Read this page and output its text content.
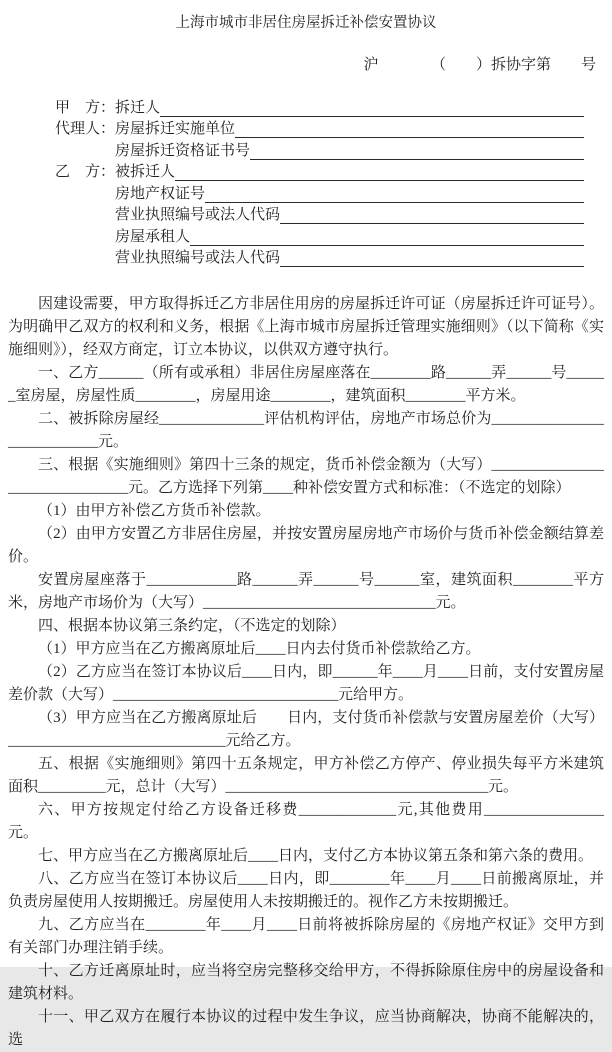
上海市城市非居住房屋拆迁补偿安置协议
沪　　　　（　　）拆协字第　　号
甲　方： 拆迁人
代理人： 房屋拆迁实施单位
房屋拆迁资格证书号
乙　方： 被拆迁人
房地产权证号
营业执照编号或法人代码
房屋承租人
营业执照编号或法人代码

因建设需要，甲方取得拆迁乙方非居住用房的房屋拆迁许可证（房屋拆迁许可证号）。为明确甲乙双方的权利和义务，根据《上海市城市房屋拆迁管理实施细则》（以下简称《实施细则》），经双方商定，订立本协议，以供双方遵守执行。

一、乙方______（所有或承租）非居住房屋座落在________路______弄______号______室房屋，房屋性质________，房屋用途________，建筑面积________平方米。

二、被拆除房屋经______________评估机构评估，房地产市场总价为___________________________元。

三、根据《实施细则》第四十三条的规定，货币补偿金额为（大写）_______________________________元。乙方选择下列第____种补偿安置方式和标准：（不选定的划除）

（1）由甲方补偿乙方货币补偿款。

（2）由甲方安置乙方非居住房屋，并按安置房屋房地产市场价与货币补偿金额结算差价。

安置房屋座落于____________路______弄______号______室，建筑面积________平方米，房地产市场价为（大写）_______________________________元。

四、根据本协议第三条约定，（不选定的划除）

（1）甲方应当在乙方搬离原址后____日内去付货币补偿款给乙方。

（2）乙方应当在签订本协议后____日内，即______年____月____日前，支付安置房屋差价款（大写）______________________________元给甲方。

（3）甲方应当在乙方搬离原址后　　日内，支付货币补偿款与安置房屋差价（大写）_____________________________元给乙方。

五、根据《实施细则》第四十五条规定，甲方补偿乙方停产、停业损失每平方米建筑面积_________元，总计（大写）___________________________________元。

六、甲方按规定付给乙方设备迁移费_____________元,其他费用________________元。

七、甲方应当在乙方搬离原址后____日内，支付乙方本协议第五条和第六条的费用。

八、乙方应当在签订本协议后____日内，即________年____月____日前搬离原址，并负责房屋使用人按期搬迁。房屋使用人未按期搬迁的。视作乙方未按期搬迁。

九、乙方应当在________年____月____日前将被拆除房屋的《房地产权证》交甲方到有关部门办理注销手续。

十、乙方迁离原址时，应当将空房完整移交给甲方，不得拆除原住房中的房屋设备和建筑材料。

十一、甲乙双方在履行本协议的过程中发生争议，应当协商解决，协商不能解决的，选
